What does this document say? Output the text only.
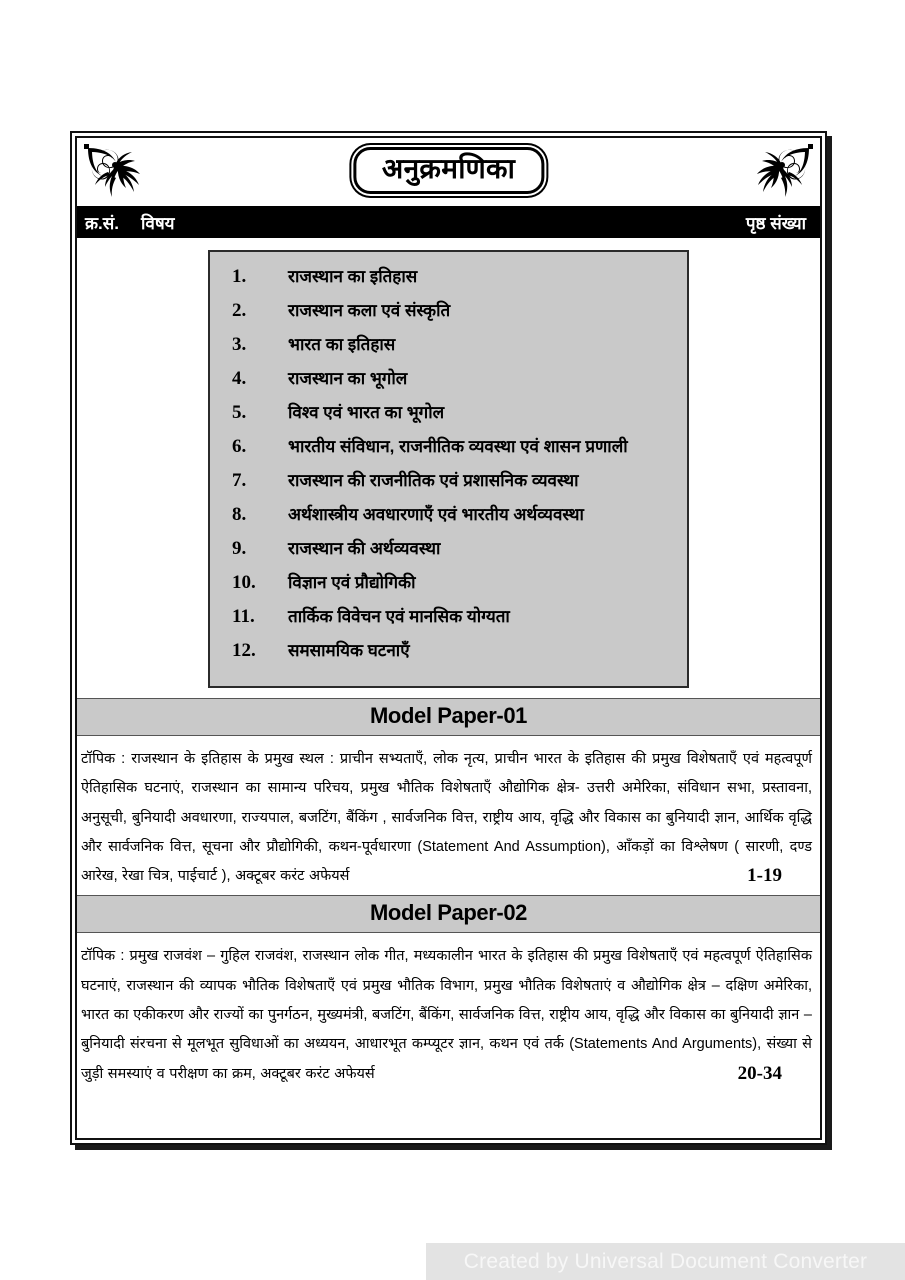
अनुक्रमणिका
क्र.सं. विषय	पृष्ठ संख्या
1.	राजस्थान का इतिहास
2.	राजस्थान कला एवं संस्कृति
3.	भारत का इतिहास
4.	राजस्थान का भूगोल
5.	विश्व एवं भारत का भूगोल
6.	भारतीय संविधान, राजनीतिक व्यवस्था एवं शासन प्रणाली
7.	राजस्थान की राजनीतिक एवं प्रशासनिक व्यवस्था
8.	अर्थशास्त्रीय अवधारणाएँ एवं भारतीय अर्थव्यवस्था
9.	राजस्थान की अर्थव्यवस्था
10.	विज्ञान एवं प्रौद्योगिकी
11.	तार्किक विवेचन एवं मानसिक योग्यता
12.	समसामयिक घटनाएँ
Model Paper-01
टॉपिक : राजस्थान के इतिहास के प्रमुख स्थल : प्राचीन सभ्यताएँ, लोक नृत्य, प्राचीन भारत के इतिहास की प्रमुख विशेषताएँ एवं महत्वपूर्ण ऐतिहासिक घटनाएं, राजस्थान का सामान्य परिचय, प्रमुख भौतिक विशेषताएँ औद्योगिक क्षेत्र- उत्तरी अमेरिका, संविधान सभा, प्रस्तावना, अनुसूची, बुनियादी अवधारणा, राज्यपाल, बजटिंग, बैंकिंग , सार्वजनिक वित्त, राष्ट्रीय आय, वृद्धि और विकास का बुनियादी ज्ञान, आर्थिक वृद्धि और सार्वजनिक वित्त, सूचना और प्रौद्योगिकी, कथन-पूर्वधारणा (Statement And Assumption), आँकड़ों का विश्लेषण ( सारणी, दण्ड आरेख, रेखा चित्र, पाईचार्ट ), अक्टूबर करंट अफेयर्स	1-19
Model Paper-02
टॉपिक : प्रमुख राजवंश – गुहिल राजवंश, राजस्थान लोक गीत, मध्यकालीन भारत के इतिहास की प्रमुख विशेषताएँ एवं महत्वपूर्ण ऐतिहासिक घटनाएं, राजस्थान की व्यापक भौतिक विशेषताएँ एवं प्रमुख भौतिक विभाग, प्रमुख भौतिक विशेषताएं व औद्योगिक क्षेत्र – दक्षिण अमेरिका, भारत का एकीकरण और राज्यों का पुनर्गठन, मुख्यमंत्री, बजटिंग, बैंकिंग, सार्वजनिक वित्त, राष्ट्रीय आय, वृद्धि और विकास का बुनियादी ज्ञान – बुनियादी संरचना से मूलभूत सुविधाओं का अध्ययन, आधारभूत कम्प्यूटर ज्ञान, कथन एवं तर्क (Statements And Arguments), संख्या से जुड़ी समस्याएं व परीक्षण का क्रम, अक्टूबर करंट अफेयर्स	20-34
Created by Universal Document Converter
